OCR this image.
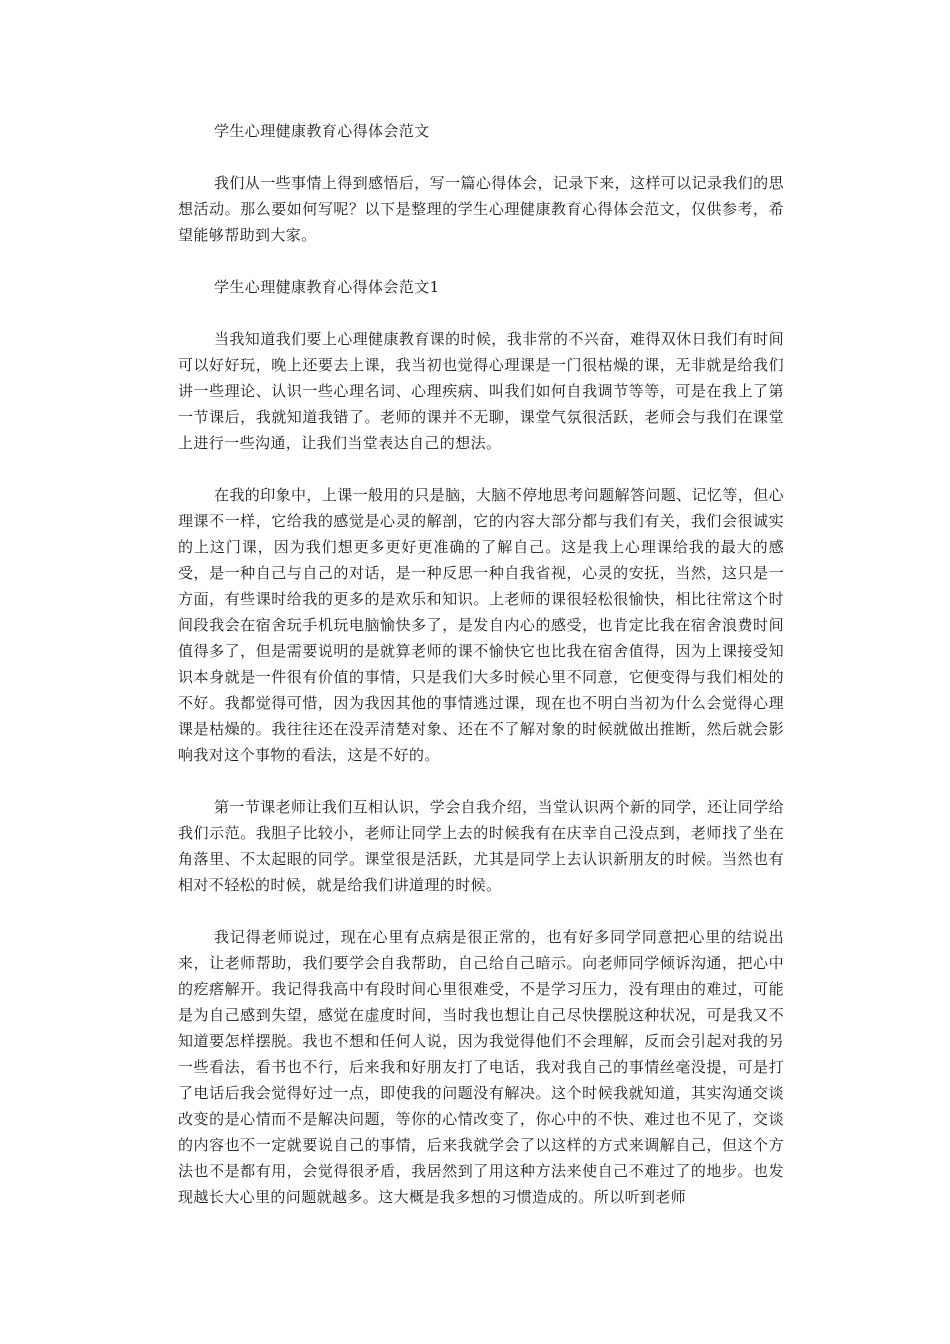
学生心理健康教育心得体会范文
我们从一些事情上得到感悟后，写一篇心得体会，记录下来，这样可以记录我们的思想活动。那么要如何写呢？以下是整理的学生心理健康教育心得体会范文，仅供参考，希望能够帮助到大家。
学生心理健康教育心得体会范文1
当我知道我们要上心理健康教育课的时候，我非常的不兴奋，难得双休日我们有时间可以好好玩，晚上还要去上课，我当初也觉得心理课是一门很枯燥的课，无非就是给我们讲一些理论、认识一些心理名词、心理疾病、叫我们如何自我调节等等，可是在我上了第一节课后，我就知道我错了。老师的课并不无聊，课堂气氛很活跃，老师会与我们在课堂上进行一些沟通，让我们当堂表达自己的想法。
在我的印象中，上课一般用的只是脑，大脑不停地思考问题解答问题、记忆等，但心理课不一样，它给我的感觉是心灵的解剖，它的内容大部分都与我们有关，我们会很诚实的上这门课，因为我们想更多更好更准确的了解自己。这是我上心理课给我的最大的感受，是一种自己与自己的对话，是一种反思一种自我省视，心灵的安抚，当然，这只是一方面，有些课时给我的更多的是欢乐和知识。上老师的课很轻松很愉快，相比往常这个时间段我会在宿舍玩手机玩电脑愉快多了，是发自内心的感受，也肯定比我在宿舍浪费时间值得多了，但是需要说明的是就算老师的课不愉快它也比我在宿舍值得，因为上课接受知识本身就是一件很有价值的事情，只是我们大多时候心里不同意，它便变得与我们相处的不好。我都觉得可惜，因为我因其他的事情逃过课，现在也不明白当初为什么会觉得心理课是枯燥的。我往往还在没弄清楚对象、还在不了解对象的时候就做出推断，然后就会影响我对这个事物的看法，这是不好的。
第一节课老师让我们互相认识，学会自我介绍，当堂认识两个新的同学，还让同学给我们示范。我胆子比较小，老师让同学上去的时候我有在庆幸自己没点到，老师找了坐在角落里、不太起眼的同学。课堂很是活跃，尤其是同学上去认识新朋友的时候。当然也有相对不轻松的时候，就是给我们讲道理的时候。
我记得老师说过，现在心里有点病是很正常的，也有好多同学同意把心里的结说出来，让老师帮助，我们要学会自我帮助，自己给自己暗示。向老师同学倾诉沟通，把心中的疙瘩解开。我记得我高中有段时间心里很难受，不是学习压力，没有理由的难过，可能是为自己感到失望，感觉在虚度时间，当时我也想让自己尽快摆脱这种状况，可是我又不知道要怎样摆脱。我也不想和任何人说，因为我觉得他们不会理解，反而会引起对我的另一些看法，看书也不行，后来我和好朋友打了电话，我对我自己的事情丝毫没提，可是打了电话后我会觉得好过一点，即使我的问题没有解决。这个时候我就知道，其实沟通交谈改变的是心情而不是解决问题，等你的心情改变了，你心中的不快、难过也不见了，交谈的内容也不一定就要说自己的事情，后来我就学会了以这样的方式来调解自己，但这个方法也不是都有用，会觉得很矛盾，我居然到了用这种方法来使自己不难过了的地步。也发现越长大心里的问题就越多。这大概是我多想的习惯造成的。所以听到老师
